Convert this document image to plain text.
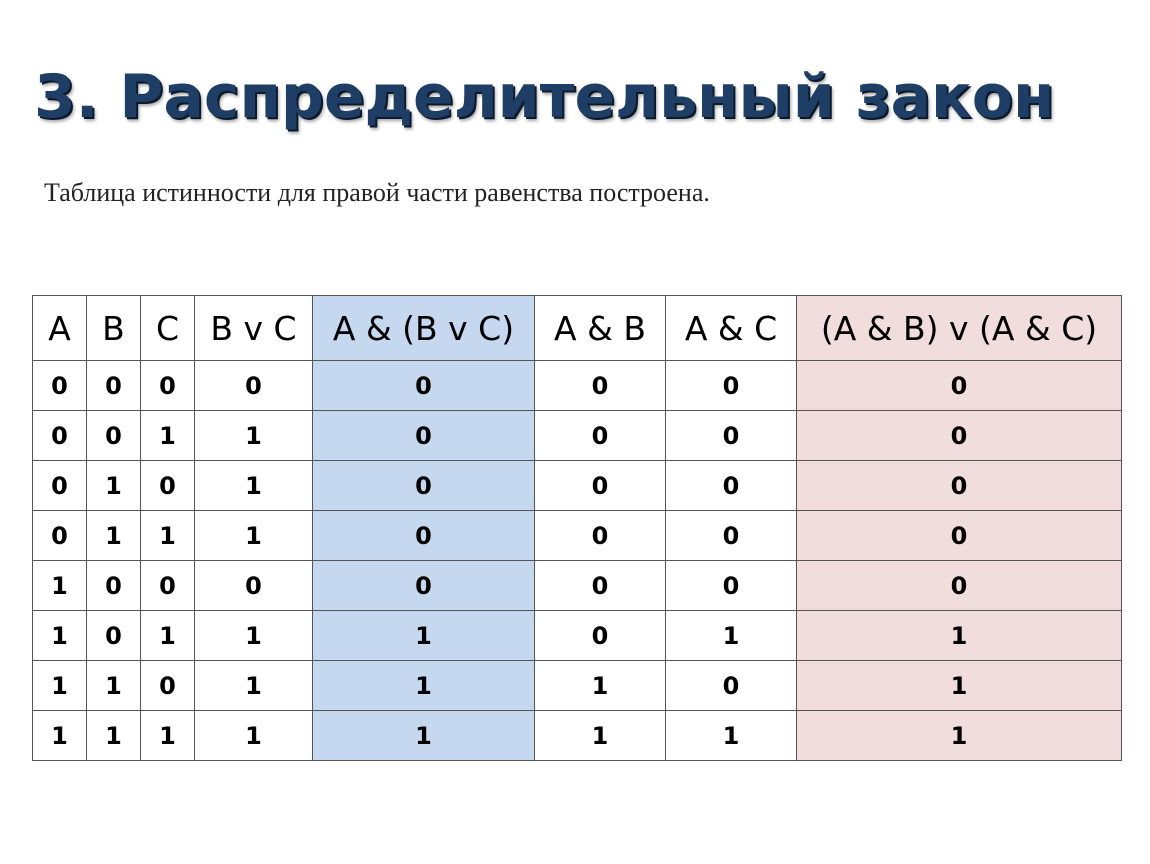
3. Распределительный закон

Таблица истинности для правой части равенства построена.

A	B	C	B v C	A & (B v C)	A & B	A & C	(A & B) v (A & C)
0	0	0	0	0	0	0	0
0	0	1	1	0	0	0	0
0	1	0	1	0	0	0	0
0	1	1	1	0	0	0	0
1	0	0	0	0	0	0	0
1	0	1	1	1	0	1	1
1	1	0	1	1	1	0	1
1	1	1	1	1	1	1	1
